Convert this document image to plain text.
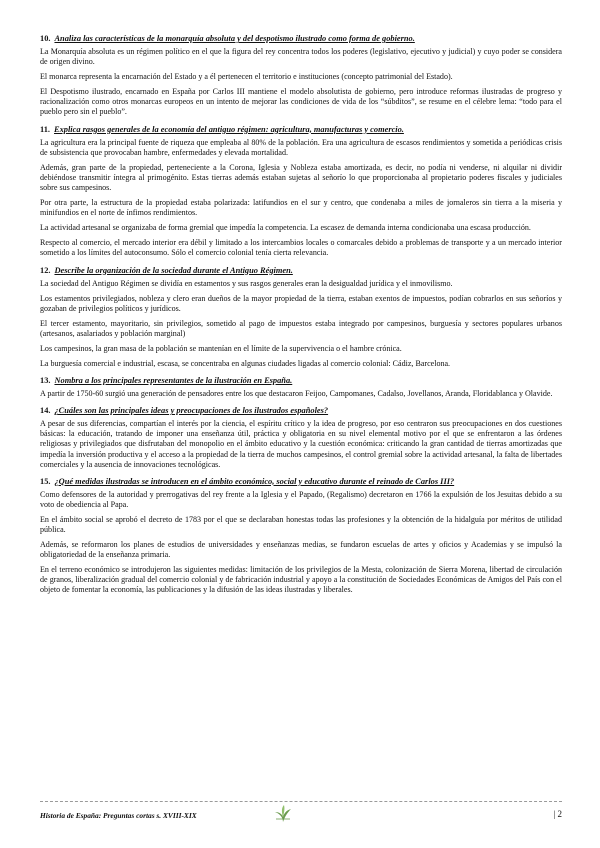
10. Analiza las características de la monarquía absoluta y del despotismo ilustrado como forma de gobierno.

La Monarquía absoluta es un régimen político en el que la figura del rey concentra todos los poderes (legislativo, ejecutivo y judicial) y cuyo poder se considera de origen divino.

El monarca representa la encarnación del Estado y a él pertenecen el territorio e instituciones (concepto patrimonial del Estado).

El Despotismo ilustrado, encarnado en España por Carlos III mantiene el modelo absolutista de gobierno, pero introduce reformas ilustradas de progreso y racionalización como otros monarcas europeos en un intento de mejorar las condiciones de vida de los “súbditos”, se resume en el célebre lema: “todo para el pueblo pero sin el pueblo”.

11. Explica rasgos generales de la economía del antiguo régimen: agricultura, manufacturas y comercio.

La agricultura era la principal fuente de riqueza que empleaba al 80% de la población. Era una agricultura de escasos rendimientos y sometida a periódicas crisis de subsistencia que provocaban hambre, enfermedades y elevada mortalidad.

Además, gran parte de la propiedad, perteneciente a la Corona, Iglesia y Nobleza estaba amortizada, es decir, no podía ni venderse, ni alquilar ni dividir debiéndose transmitir íntegra al primogénito. Estas tierras además estaban sujetas al señorío lo que proporcionaba al propietario poderes fiscales y judiciales sobre sus campesinos.

Por otra parte, la estructura de la propiedad estaba polarizada: latifundios en el sur y centro, que condenaba a miles de jornaleros sin tierra a la miseria y minifundios en el norte de ínfimos rendimientos.

La actividad artesanal se organizaba de forma gremial que impedía la competencia. La escasez de demanda interna condicionaba una escasa producción.

Respecto al comercio, el mercado interior era débil y limitado a los intercambios locales o comarcales debido a problemas de transporte y a un mercado interior sometido a los límites del autoconsumo. Sólo el comercio colonial tenía cierta relevancia.

12. Describe la organización de la sociedad durante el Antiguo Régimen.

La sociedad del Antiguo Régimen se dividía en estamentos y sus rasgos generales eran la desigualdad jurídica y el inmovilismo.

Los estamentos privilegiados, nobleza y clero eran dueños de la mayor propiedad de la tierra, estaban exentos de impuestos, podían cobrarlos en sus señoríos y gozaban de privilegios políticos y jurídicos.

El tercer estamento, mayoritario, sin privilegios, sometido al pago de impuestos estaba integrado por campesinos, burguesía y sectores populares urbanos (artesanos, asalariados y población marginal)

Los campesinos, la gran masa de la población se mantenían en el límite de la supervivencia o el hambre crónica.

La burguesía comercial e industrial, escasa, se concentraba en algunas ciudades ligadas al comercio colonial: Cádiz, Barcelona.

13. Nombra a los principales representantes de la ilustración en España.

A partir de 1750-60 surgió una generación de pensadores entre los que destacaron Feijoo, Campomanes, Cadalso, Jovellanos, Aranda, Floridablanca y Olavide.

14. ¿Cuáles son las principales ideas y preocupaciones de los ilustrados españoles?

A pesar de sus diferencias, compartían el interés por la ciencia, el espíritu crítico y la idea de progreso, por eso centraron sus preocupaciones en dos cuestiones básicas: la educación, tratando de imponer una enseñanza útil, práctica y obligatoria en su nivel elemental motivo por el que se enfrentaron a las órdenes religiosas y privilegiados que disfrutaban del monopolio en el ámbito educativo y la cuestión económica: criticando la gran cantidad de tierras amortizadas que impedía la inversión productiva y el acceso a la propiedad de la tierra de muchos campesinos, el control gremial sobre la actividad artesanal, la falta de libertades comerciales y la ausencia de innovaciones tecnológicas.

15. ¿Qué medidas ilustradas se introducen en el ámbito económico, social y educativo durante el reinado de Carlos III?

Como defensores de la autoridad y prerrogativas del rey frente a la Iglesia y el Papado, (Regalismo) decretaron en 1766 la expulsión de los Jesuitas debido a su voto de obediencia al Papa.

En el ámbito social se aprobó el decreto de 1783 por el que se declaraban honestas todas las profesiones y la obtención de la hidalguía por méritos de utilidad pública.

Además, se reformaron los planes de estudios de universidades y enseñanzas medias, se fundaron escuelas de artes y oficios y Academias y se impulsó la obligatoriedad de la enseñanza primaria.

En el terreno económico se introdujeron las siguientes medidas: limitación de los privilegios de la Mesta, colonización de Sierra Morena, libertad de circulación de granos, liberalización gradual del comercio colonial y de fabricación industrial y apoyo a la constitución de Sociedades Económicas de Amigos del País con el objeto de fomentar la economía, las publicaciones y la difusión de las ideas ilustradas y liberales.

Historia de España: Preguntas cortas s. XVIII-XIX	| 2
